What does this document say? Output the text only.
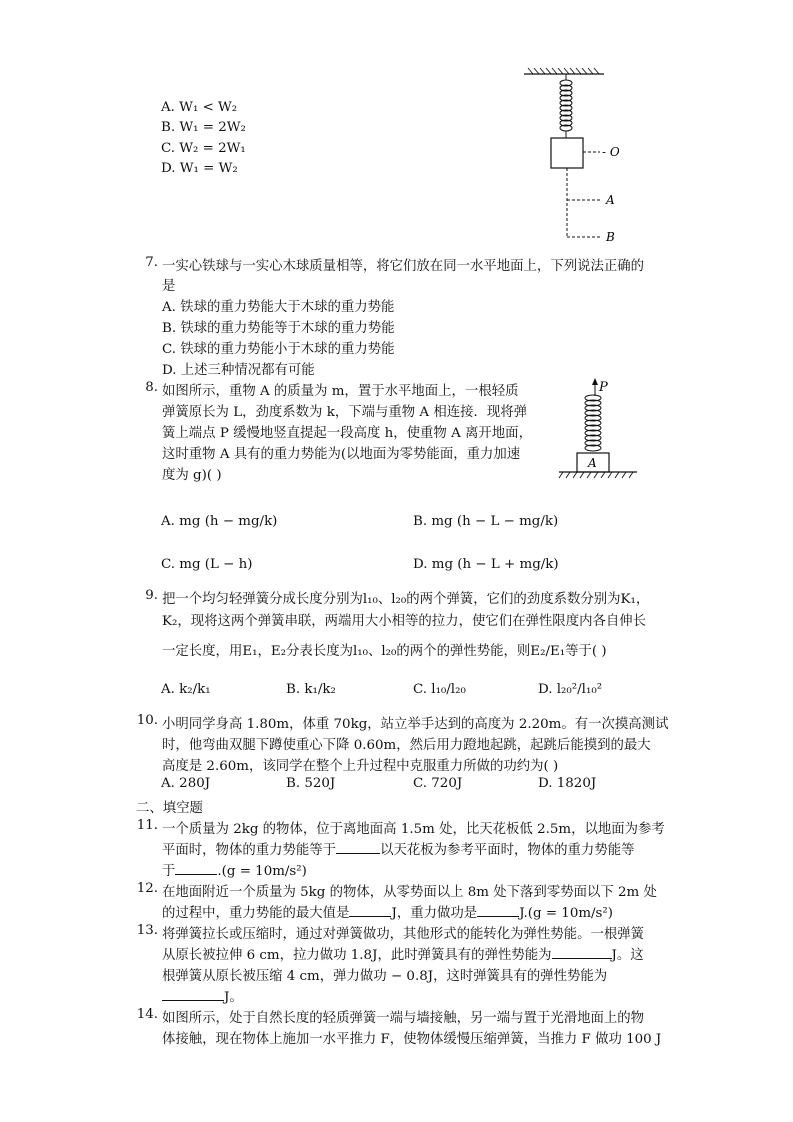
- O
A
B
A. W₁ < W₂
B. W₁ = 2W₂
C. W₂ = 2W₁
D. W₁ = W₂
7. 一实心铁球与一实心木球质量相等，将它们放在同一水平地面上，下列说法正确的
是
A. 铁球的重力势能大于木球的重力势能
B. 铁球的重力势能等于木球的重力势能
C. 铁球的重力势能小于木球的重力势能
D. 上述三种情况都有可能
8. 如图所示，重物 A 的质量为 m，置于水平地面上，一根轻质
弹簧原长为 L，劲度系数为 k，下端与重物 A 相连接．现将弹
簧上端点 P 缓慢地竖直提起一段高度 h，使重物 A 离开地面，
这时重物 A 具有的重力势能为(以地面为零势能面，重力加速
度为 g)( )
P
A
A. mg (h − mg/k)	B. mg (h − L − mg/k)
C. mg (L − h)	D. mg (h − L + mg/k)
9. 把一个均匀轻弹簧分成长度分别为l₁₀、l₂₀的两个弹簧，它们的劲度系数分别为K₁，
K₂，现将这两个弹簧串联，两端用大小相等的拉力，使它们在弹性限度内各自伸长
一定长度，用E₁，E₂分表长度为l₁₀、l₂₀的两个的弹性势能，则E₂/E₁等于( )
A. k₂/k₁	B. k₁/k₂	C. l₁₀/l₂₀	D. l₂₀²/l₁₀²
10. 小明同学身高 1.80m，体重 70kg，站立举手达到的高度为 2.20m。有一次摸高测试
时，他弯曲双腿下蹲使重心下降 0.60m，然后用力蹬地起跳，起跳后能摸到的最大
高度是 2.60m，该同学在整个上升过程中克服重力所做的功约为( )
A. 280J	B. 520J	C. 720J	D. 1820J
二、填空题
11. 一个质量为 2kg 的物体，位于离地面高 1.5m 处，比天花板低 2.5m，以地面为参考
平面时，物体的重力势能等于	以天花板为参考平面时，物体的重力势能等
于	.(g = 10m/s²)
12. 在地面附近一个质量为 5kg 的物体，从零势面以上 8m 处下落到零势面以下 2m 处
的过程中，重力势能的最大值是	J，重力做功是	J.(g = 10m/s²)
13. 将弹簧拉长或压缩时，通过对弹簧做功，其他形式的能转化为弹性势能。一根弹簧
从原长被拉伸 6 cm，拉力做功 1.8J，此时弹簧具有的弹性势能为	J。这
根弹簧从原长被压缩 4 cm，弹力做功 − 0.8J，这时弹簧具有的弹性势能为
J。
14. 如图所示，处于自然长度的轻质弹簧一端与墙接触，另一端与置于光滑地面上的物
体接触，现在物体上施加一水平推力 F，使物体缓慢压缩弹簧，当推力 F 做功 100 J
